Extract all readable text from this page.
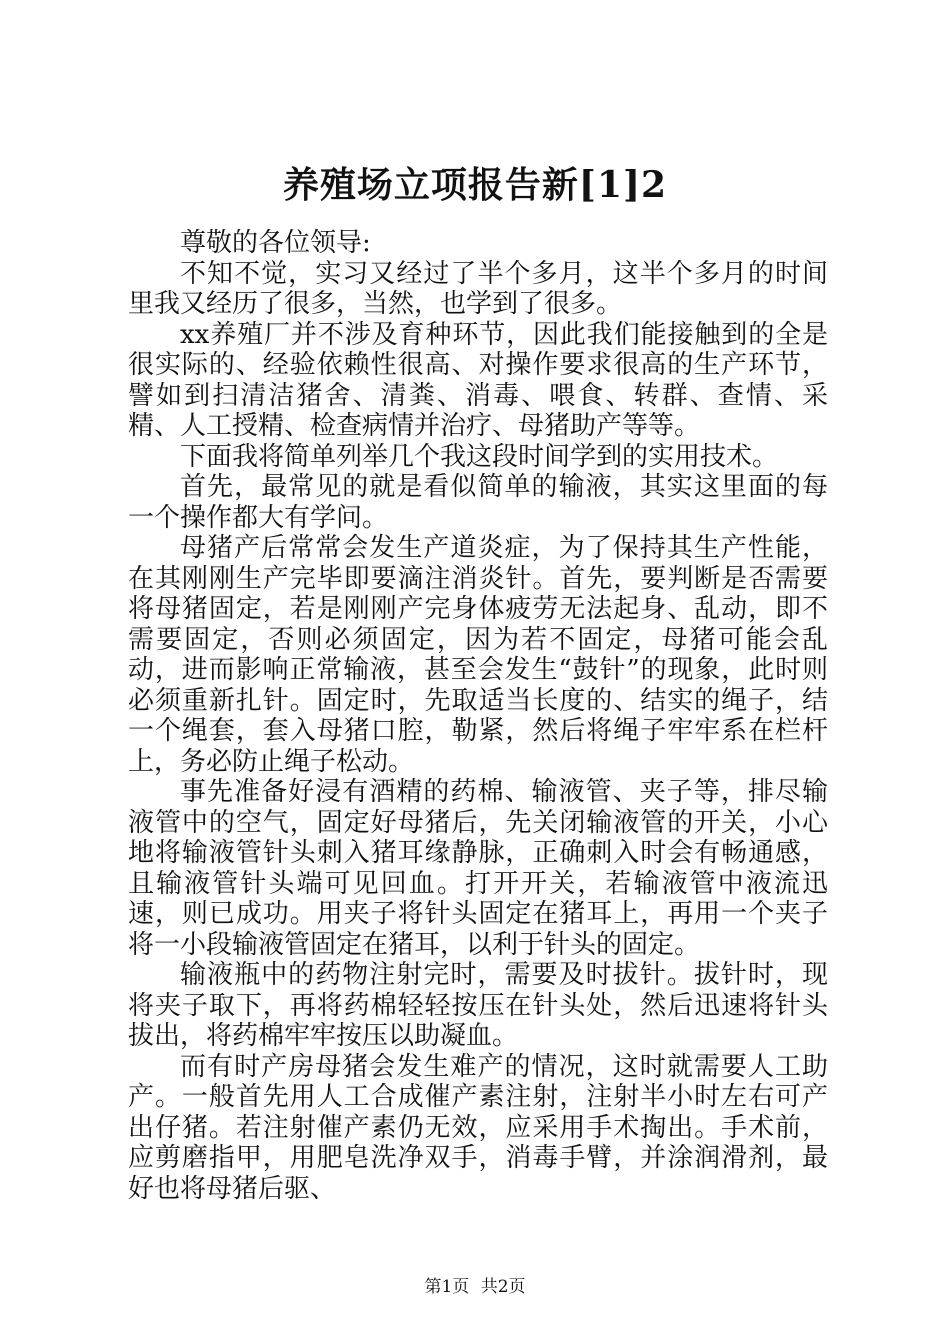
养殖场立项报告新[1]2

尊敬的各位领导:

不知不觉，实习又经过了半个多月，这半个多月的时间里我又经历了很多，当然，也学到了很多。

xx养殖厂并不涉及育种环节，因此我们能接触到的全是很实际的、经验依赖性很高、对操作要求很高的生产环节，譬如到扫清洁猪舍、清粪、消毒、喂食、转群、查情、采精、人工授精、检查病情并治疗、母猪助产等等。

下面我将简单列举几个我这段时间学到的实用技术。

首先，最常见的就是看似简单的输液，其实这里面的每一个操作都大有学问。

母猪产后常常会发生产道炎症，为了保持其生产性能，在其刚刚生产完毕即要滴注消炎针。首先，要判断是否需要将母猪固定，若是刚刚产完身体疲劳无法起身、乱动，即不需要固定，否则必须固定，因为若不固定，母猪可能会乱动，进而影响正常输液，甚至会发生“鼓针”的现象，此时则必须重新扎针。固定时，先取适当长度的、结实的绳子，结一个绳套，套入母猪口腔，勒紧，然后将绳子牢牢系在栏杆上，务必防止绳子松动。

事先准备好浸有酒精的药棉、输液管、夹子等，排尽输液管中的空气，固定好母猪后，先关闭输液管的开关，小心地将输液管针头刺入猪耳缘静脉，正确刺入时会有畅通感，且输液管针头端可见回血。打开开关，若输液管中液流迅速，则已成功。用夹子将针头固定在猪耳上，再用一个夹子将一小段输液管固定在猪耳，以利于针头的固定。

输液瓶中的药物注射完时，需要及时拔针。拔针时，现将夹子取下，再将药棉轻轻按压在针头处，然后迅速将针头拔出，将药棉牢牢按压以助凝血。

而有时产房母猪会发生难产的情况，这时就需要人工助产。一般首先用人工合成催产素注射，注射半小时左右可产出仔猪。若注射催产素仍无效，应采用手术掏出。手术前，应剪磨指甲，用肥皂洗净双手，消毒手臂，并涂润滑剂，最好也将母猪后驱、

第1页 共2页
